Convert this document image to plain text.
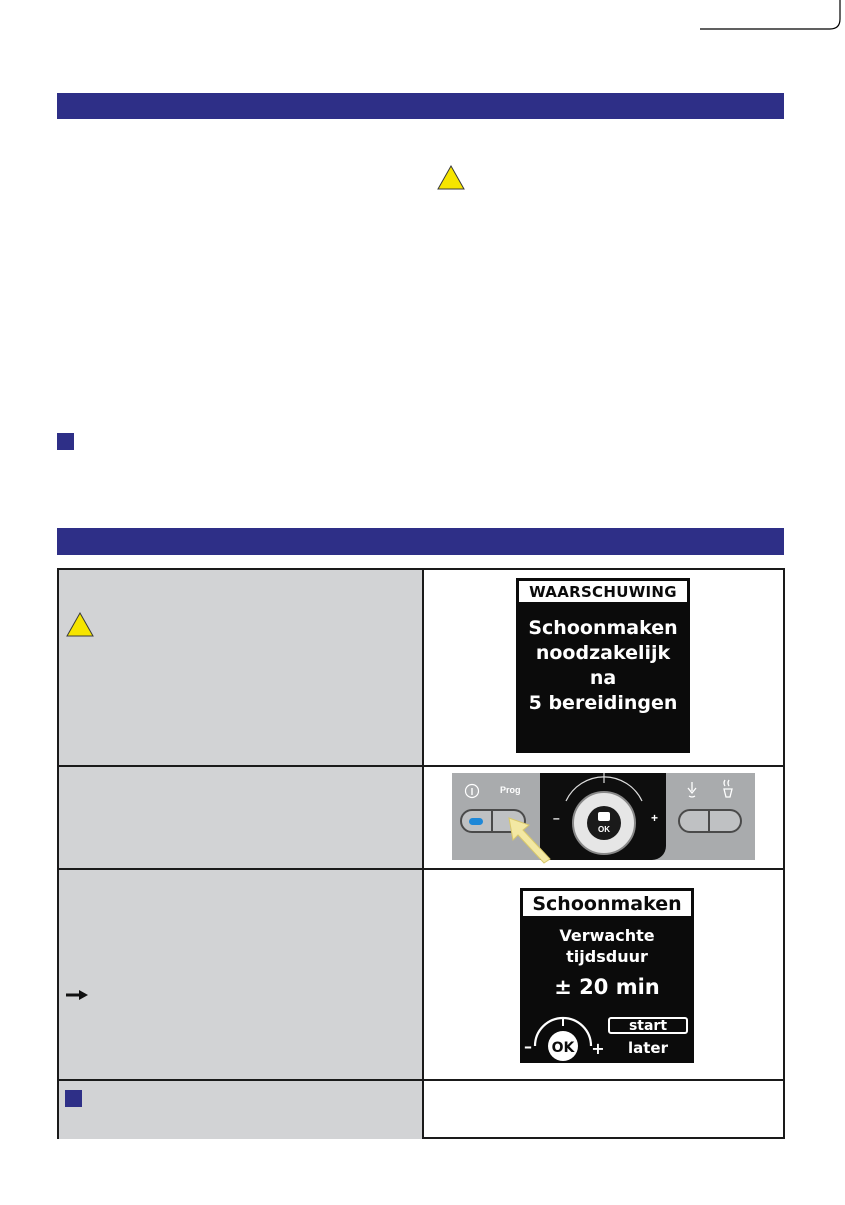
WAARSCHUWING
Schoonmaken
noodzakelijk
na
5 bereidingen
Prog
OK
–	+
Schoonmaken
Verwachte
tijdsduur
± 20 min
OK
–	+
start
later
